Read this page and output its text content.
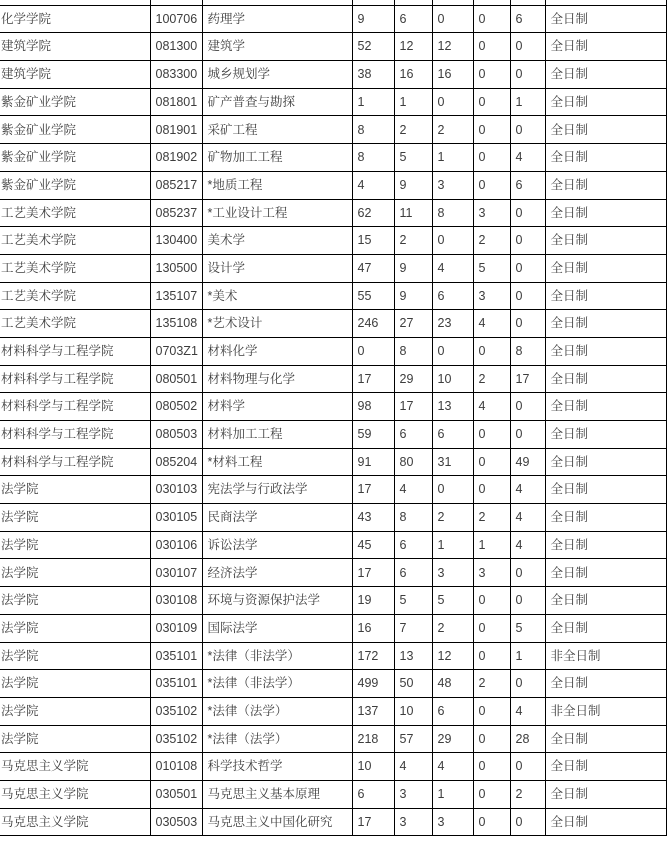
化学学院	100706	药理学	9	6	0	0	6	全日制
建筑学院	081300	建筑学	52	12	12	0	0	全日制
建筑学院	083300	城乡规划学	38	16	16	0	0	全日制
紫金矿业学院	081801	矿产普查与勘探	1	1	0	0	1	全日制
紫金矿业学院	081901	采矿工程	8	2	2	0	0	全日制
紫金矿业学院	081902	矿物加工工程	8	5	1	0	4	全日制
紫金矿业学院	085217	*地质工程	4	9	3	0	6	全日制
工艺美术学院	085237	*工业设计工程	62	11	8	3	0	全日制
工艺美术学院	130400	美术学	15	2	0	2	0	全日制
工艺美术学院	130500	设计学	47	9	4	5	0	全日制
工艺美术学院	135107	*美术	55	9	6	3	0	全日制
工艺美术学院	135108	*艺术设计	246	27	23	4	0	全日制
材料科学与工程学院	0703Z1	材料化学	0	8	0	0	8	全日制
材料科学与工程学院	080501	材料物理与化学	17	29	10	2	17	全日制
材料科学与工程学院	080502	材料学	98	17	13	4	0	全日制
材料科学与工程学院	080503	材料加工工程	59	6	6	0	0	全日制
材料科学与工程学院	085204	*材料工程	91	80	31	0	49	全日制
法学院	030103	宪法学与行政法学	17	4	0	0	4	全日制
法学院	030105	民商法学	43	8	2	2	4	全日制
法学院	030106	诉讼法学	45	6	1	1	4	全日制
法学院	030107	经济法学	17	6	3	3	0	全日制
法学院	030108	环境与资源保护法学	19	5	5	0	0	全日制
法学院	030109	国际法学	16	7	2	0	5	全日制
法学院	035101	*法律（非法学）	172	13	12	0	1	非全日制
法学院	035101	*法律（非法学）	499	50	48	2	0	全日制
法学院	035102	*法律（法学）	137	10	6	0	4	非全日制
法学院	035102	*法律（法学）	218	57	29	0	28	全日制
马克思主义学院	010108	科学技术哲学	10	4	4	0	0	全日制
马克思主义学院	030501	马克思主义基本原理	6	3	1	0	2	全日制
马克思主义学院	030503	马克思主义中国化研究	17	3	3	0	0	全日制
